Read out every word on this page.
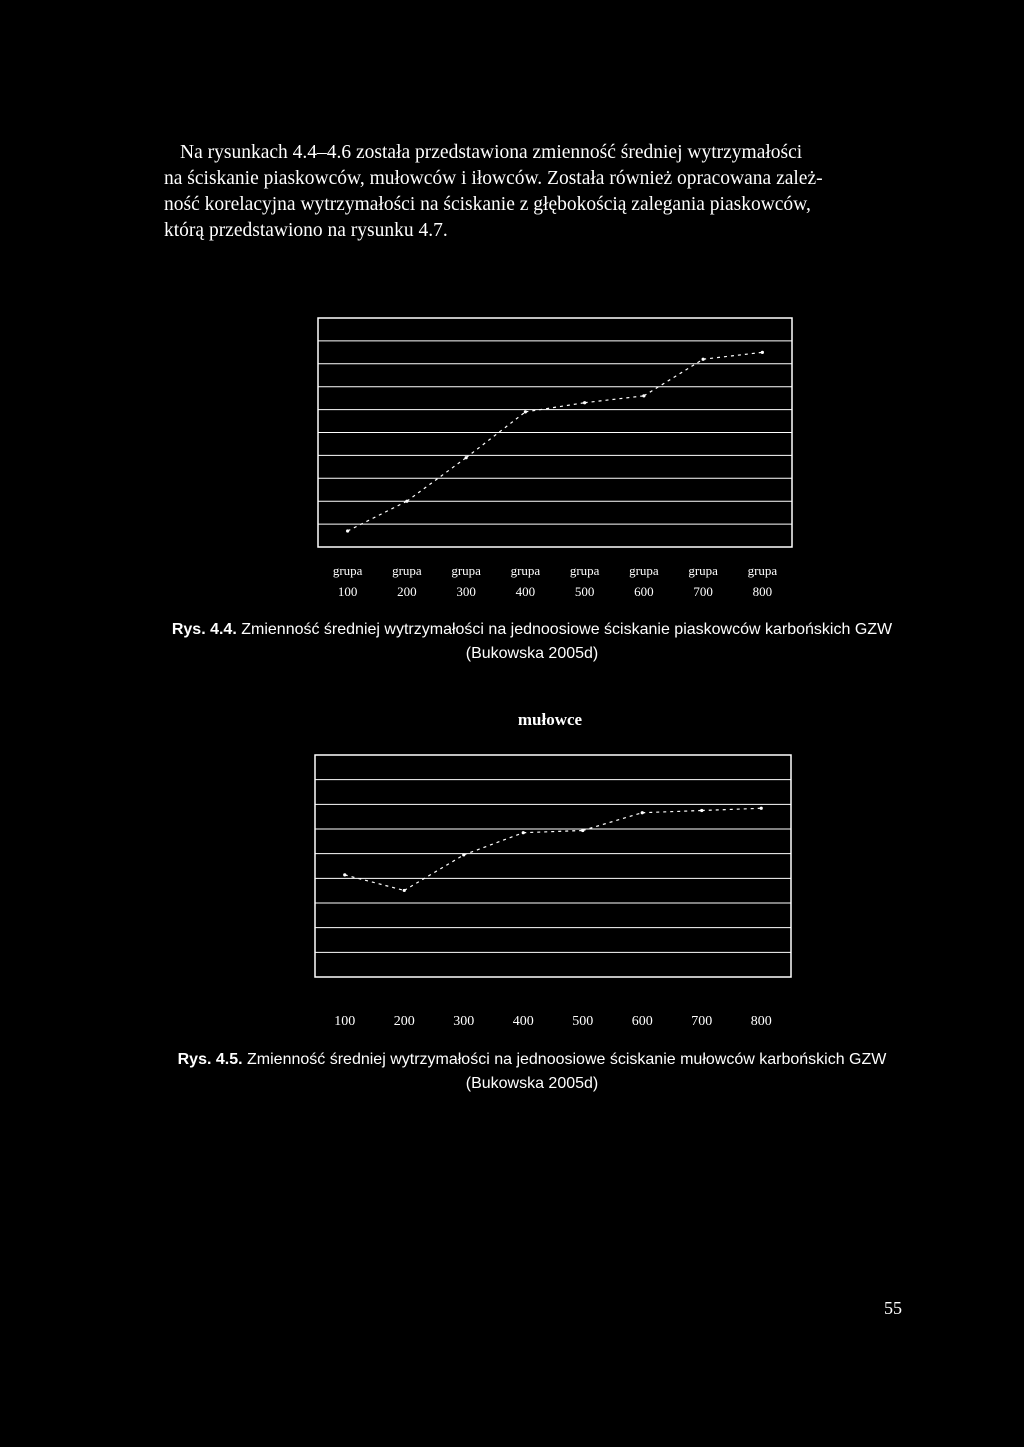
Na rysunkach 4.4–4.6 została przedstawiona zmienność średniej wytrzymałości
na ściskanie piaskowców, mułowców i iłowców. Została również opracowana zależ-
ność korelacyjna wytrzymałości na ściskanie z głębokością zalegania piaskowców,
którą przedstawiono na rysunku 4.7.

grupa
100
grupa
200
grupa
300
grupa
400
grupa
500
grupa
600
grupa
700
grupa
800
Rys. 4.4. Zmienność średniej wytrzymałości na jednoosiowe ściskanie piaskowców karbońskich GZW
(Bukowska 2005d)
mułowce
100	200	300	400	500	600	700	800
Rys. 4.5. Zmienność średniej wytrzymałości na jednoosiowe ściskanie mułowców karbońskich GZW
(Bukowska 2005d)
55
